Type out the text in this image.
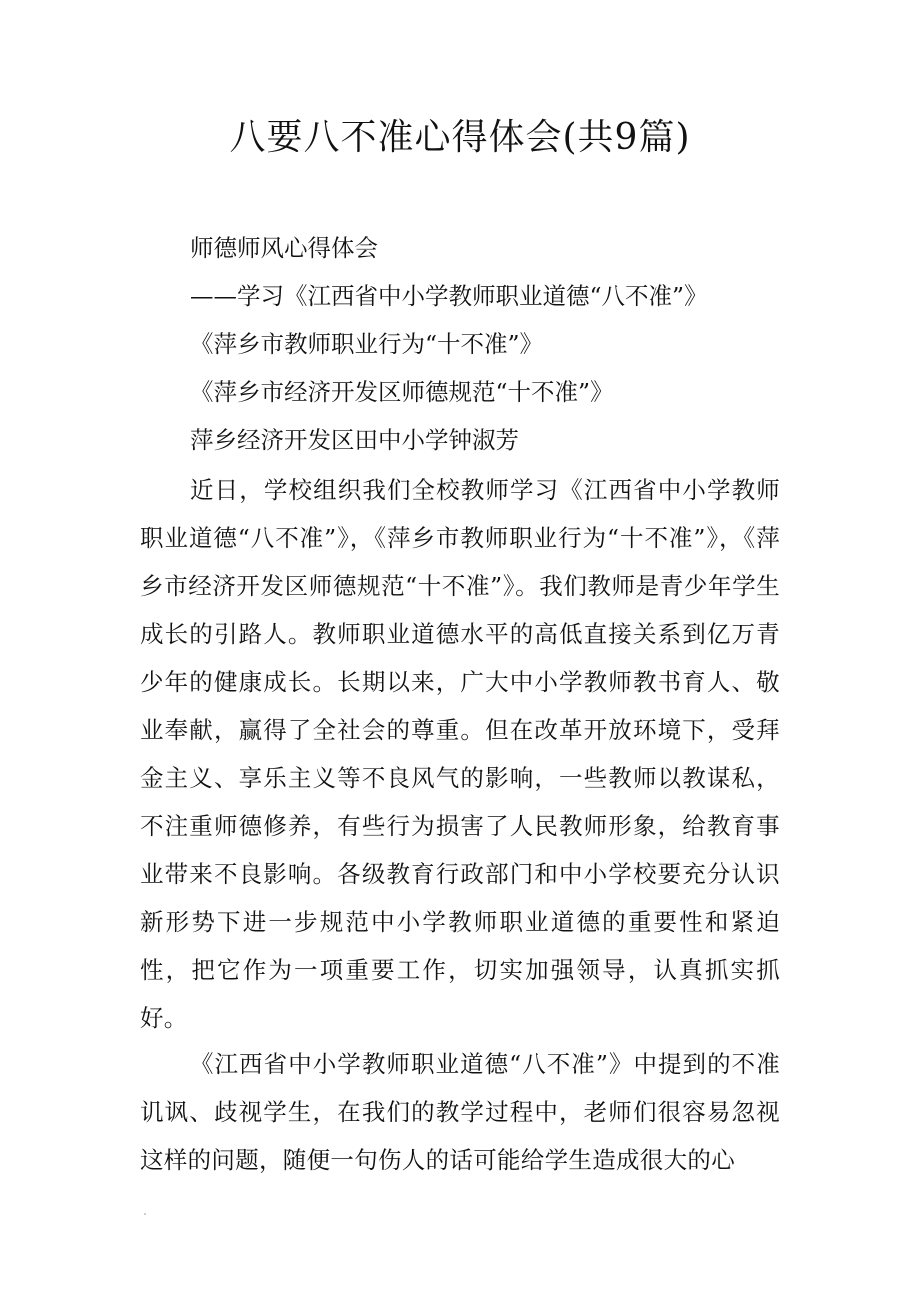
八要八不准心得体会(共9篇)

师德师风心得体会

——学习《江西省中小学教师职业道德“八不准”》

《萍乡市教师职业行为“十不准”》

《萍乡市经济开发区师德规范“十不准”》

萍乡经济开发区田中小学钟淑芳

近日，学校组织我们全校教师学习《江西省中小学教师职业道德“八不准”》，《萍乡市教师职业行为“十不准”》，《萍乡市经济开发区师德规范“十不准”》。我们教师是青少年学生成长的引路人。教师职业道德水平的高低直接关系到亿万青少年的健康成长。长期以来，广大中小学教师教书育人、敬业奉献，赢得了全社会的尊重。但在改革开放环境下，受拜金主义、享乐主义等不良风气的影响，一些教师以教谋私，不注重师德修养，有些行为损害了人民教师形象，给教育事业带来不良影响。各级教育行政部门和中小学校要充分认识新形势下进一步规范中小学教师职业道德的重要性和紧迫性，把它作为一项重要工作，切实加强领导，认真抓实抓好。

《江西省中小学教师职业道德“八不准”》中提到的不准讥讽、歧视学生，在我们的教学过程中，老师们很容易忽视这样的问题，随便一句伤人的话可能给学生造成很大的心
